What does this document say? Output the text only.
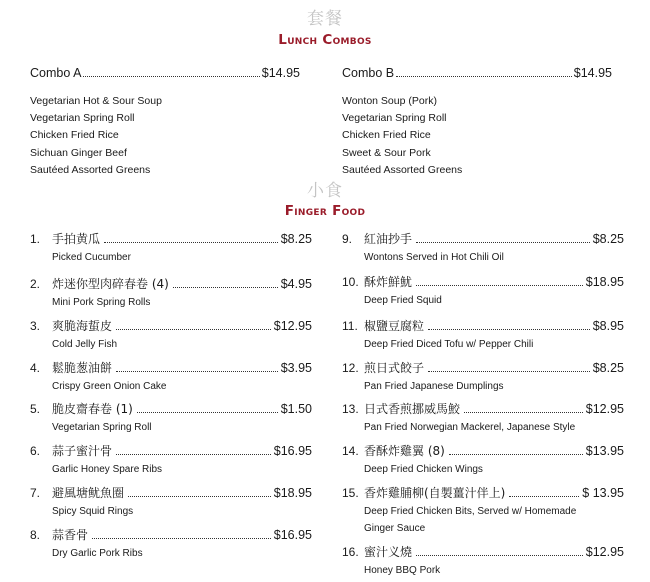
套餐
Lunch Combos
Combo A	$14.95
Vegetarian Hot & Sour Soup
Vegetarian Spring Roll
Chicken Fried Rice
Sichuan Ginger Beef
Sautéed Assorted Greens
Combo B	$14.95
Wonton Soup (Pork)
Vegetarian Spring Roll
Chicken Fried Rice
Sweet & Sour Pork
Sautéed Assorted Greens
小食
Finger Food
1. 手拍黄瓜	$8.25
Picked Cucumber
2. 炸迷你型肉碎春卷 (4)	$4.95
Mini Pork Spring Rolls
3. 爽脆海蜇皮	$12.95
Cold Jelly Fish
4. 鬆脆葱油餅	$3.95
Crispy Green Onion Cake
5. 脆皮齋春卷 (1)	$1.50
Vegetarian Spring Roll
6. 蒜子蜜汁骨	$16.95
Garlic Honey Spare Ribs
7. 避風塘鱿魚圈	$18.95
Spicy Squid Rings
8. 蒜香骨	$16.95
Dry Garlic Pork Ribs
9. 紅油抄手	$8.25
Wontons Served in Hot Chili Oil
10. 酥炸鮮魷	$18.95
Deep Fried Squid
11. 椒鹽豆腐粒	$8.95
Deep Fried Diced Tofu w/ Pepper Chili
12. 煎日式餃子	$8.25
Pan Fried Japanese Dumplings
13. 日式香煎挪威馬鮫	$12.95
Pan Fried Norwegian Mackerel, Japanese Style
14. 香酥炸雞翼 (8)	$13.95
Deep Fried Chicken Wings
15. 香炸雞脯柳(自製薑汁伴上)	$ 13.95
Deep Fried Chicken Bits, Served w/ Homemade
Ginger Sauce
16. 蜜汁义燒	$12.95
Honey BBQ Pork
